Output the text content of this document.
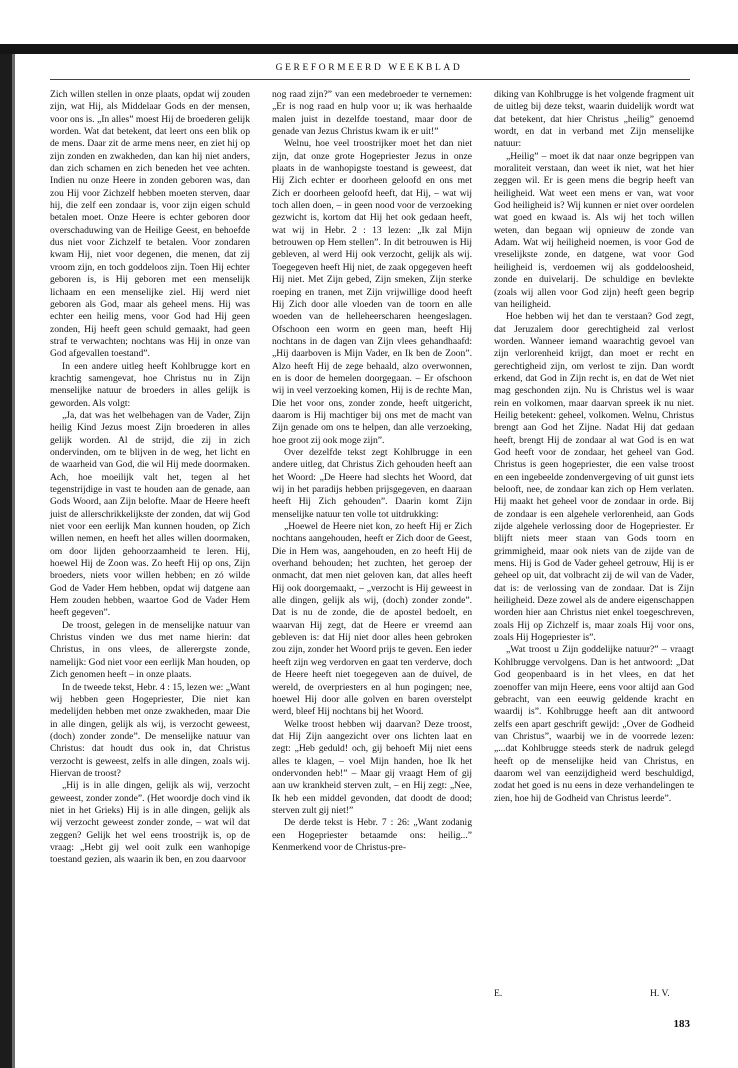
GEREFORMEERD WEEKBLAD

Zich willen stellen in onze plaats, opdat wij zouden zijn, wat Hij, als Middelaar Gods en der mensen, voor ons is. „In alles” moest Hij de broederen gelijk worden. Wat dat betekent, dat leert ons een blik op de mens. Daar zit de arme mens neer, en ziet hij op zijn zonden en zwakheden, dan kan hij niet anders, dan zich schamen en zich beneden het vee achten. Indien nu onze Heere in zonden geboren was, dan zou Hij voor Zichzelf hebben moeten sterven, daar hij, die zelf een zondaar is, voor zijn eigen schuld betalen moet. Onze Heere is echter geboren door overschaduwing van de Heilige Geest, en behoefde dus niet voor Zichzelf te betalen. Voor zondaren kwam Hij, niet voor degenen, die menen, dat zij vroom zijn, en toch goddeloos zijn. Toen Hij echter geboren is, is Hij geboren met een menselijk lichaam en een menselijke ziel. Hij werd niet geboren als God, maar als geheel mens. Hij was echter een heilig mens, voor God had Hij geen zonden, Hij heeft geen schuld gemaakt, had geen straf te verwachten; nochtans was Hij in onze van God afgevallen toestand”.

In een andere uitleg heeft Kohlbrugge kort en krachtig samengevat, hoe Christus nu in Zijn menselijke natuur de broeders in alles gelijk is geworden. Als volgt:

„Ja, dat was het welbehagen van de Vader, Zijn heilig Kind Jezus moest Zijn broederen in alles gelijk worden. Al de strijd, die zij in zich ondervinden, om te blijven in de weg, het licht en de waarheid van God, die wil Hij mede doormaken. Ach, hoe moeilijk valt het, tegen al het tegenstrijdige in vast te houden aan de genade, aan Gods Woord, aan Zijn belofte. Maar de Heere heeft juist de allerschrikkelijkste der zonden, dat wij God niet voor een eerlijk Man kunnen houden, op Zich willen nemen, en heeft het alles willen doormaken, om door lijden gehoorzaamheid te leren. Hij, hoewel Hij de Zoon was. Zo heeft Hij op ons, Zijn broeders, niets voor willen hebben; en zó wilde God de Vader Hem hebben, opdat wij datgene aan Hem zouden hebben, waartoe God de Vader Hem heeft gegeven”.

De troost, gelegen in de menselijke natuur van Christus vinden we dus met name hierin: dat Christus, in ons vlees, de allerergste zonde, namelijk: God niet voor een eerlijk Man houden, op Zich genomen heeft – in onze plaats.

In de tweede tekst, Hebr. 4 : 15, lezen we: „Want wij hebben geen Hogepriester, Die niet kan medelijden hebben met onze zwakheden, maar Die in alle dingen, gelijk als wij, is verzocht geweest, (doch) zonder zonde”. De menselijke natuur van Christus: dat houdt dus ook in, dat Christus verzocht is geweest, zelfs in alle dingen, zoals wij. Hiervan de troost?

„Hij is in alle dingen, gelijk als wij, verzocht geweest, zonder zonde”. (Het woordje doch vind ik niet in het Grieks) Hij is in alle dingen, gelijk als wij verzocht geweest zonder zonde, – wat wil dat zeggen? Gelijk het wel eens troostrijk is, op de vraag: „Hebt gij wel ooit zulk een wanhopige toestand gezien, als waarin ik ben, en zou daarvoor

nog raad zijn?” van een medebroeder te vernemen: „Er is nog raad en hulp voor u; ik was herhaalde malen juist in dezelfde toestand, maar door de genade van Jezus Christus kwam ik er uit!”

Welnu, hoe veel troostrijker moet het dan niet zijn, dat onze grote Hogepriester Jezus in onze plaats in de wanhopigste toestand is geweest, dat Hij Zich echter er doorheen geloofd en ons met Zich er doorheen geloofd heeft, dat Hij, – wat wij toch allen doen, – in geen nood voor de verzoeking gezwicht is, kortom dat Hij het ook gedaan heeft, wat wij in Hebr. 2 : 13 lezen: „Ik zal Mijn betrouwen op Hem stellen”. In dit betrouwen is Hij gebleven, al werd Hij ook verzocht, gelijk als wij. Toegegeven heeft Hij niet, de zaak opgegeven heeft Hij niet. Met Zijn gebed, Zijn smeken, Zijn sterke roeping en tranen, met Zijn vrijwillige dood heeft Hij Zich door alle vloeden van de toorn en alle woeden van de helleheerscharen heengeslagen. Ofschoon een worm en geen man, heeft Hij nochtans in de dagen van Zijn vlees gehandhaafd: „Hij daarboven is Mijn Vader, en Ik ben de Zoon”. Alzo heeft Hij de zege behaald, alzo overwonnen, en is door de hemelen doorgegaan. – Er ofschoon wij in veel verzoeking komen, Hij is de rechte Man, Die het voor ons, zonder zonde, heeft uitgericht, daarom is Hij machtiger bij ons met de macht van Zijn genade om ons te helpen, dan alle verzoeking, hoe groot zij ook moge zijn”.

Over dezelfde tekst zegt Kohlbrugge in een andere uitleg, dat Christus Zich gehouden heeft aan het Woord: „De Heere had slechts het Woord, dat wij in het paradijs hebben prijsgegeven, en daaraan heeft Hij Zich gehouden”. Daarin komt Zijn menselijke natuur ten volle tot uitdrukking:

„Hoewel de Heere niet kon, zo heeft Hij er Zich nochtans aangehouden, heeft er Zich door de Geest, Die in Hem was, aangehouden, en zo heeft Hij de overhand behouden; het zuchten, het geroep der onmacht, dat men niet geloven kan, dat alles heeft Hij ook doorgemaakt, – „verzocht is Hij geweest in alle dingen, gelijk als wij, (doch) zonder zonde”. Dat is nu de zonde, die de apostel bedoelt, en waarvan Hij zegt, dat de Heere er vreemd aan gebleven is: dat Hij niet door alles heen gebroken zou zijn, zonder het Woord prijs te geven. Een ieder heeft zijn weg verdorven en gaat ten verderve, doch de Heere heeft niet toegegeven aan de duivel, de wereld, de overpriesters en al hun pogingen; nee, hoewel Hij door alle golven en baren overstelpt werd, bleef Hij nochtans bij het Woord.

Welke troost hebben wij daarvan? Deze troost, dat Hij Zijn aangezicht over ons lichten laat en zegt: „Heb geduld! och, gij behoeft Mij niet eens alles te klagen, – voel Mijn handen, hoe Ik het ondervonden heb!” – Maar gij vraagt Hem of gij aan uw krankheid sterven zult, – en Hij zegt: „Nee, Ik heb een middel gevonden, dat doodt de dood; sterven zult gij niet!”

De derde tekst is Hebr. 7 : 26: „Want zodanig een Hogepriester betaamde ons: heilig...” Kenmerkend voor de Christus-pre-

diking van Kohlbrugge is het volgende fragment uit de uitleg bij deze tekst, waarin duidelijk wordt wat dat betekent, dat hier Christus „heilig” genoemd wordt, en dat in verband met Zijn menselijke natuur:

„Heilig” – moet ik dat naar onze begrippen van moraliteit verstaan, dan weet ik niet, wat het hier zeggen wil. Er is geen mens die begrip heeft van heiligheid. Wat weet een mens er van, wat voor God heiligheid is? Wij kunnen er niet over oordelen wat goed en kwaad is. Als wij het toch willen weten, dan begaan wij opnieuw de zonde van Adam. Wat wij heiligheid noemen, is voor God de vreselijkste zonde, en datgene, wat voor God heiligheid is, verdoemen wij als goddeloosheid, zonde en duivelarij. De schuldige en bevlekte (zoals wij allen voor God zijn) heeft geen begrip van heiligheid.

Hoe hebben wij het dan te verstaan? God zegt, dat Jeruzalem door gerechtigheid zal verlost worden. Wanneer iemand waarachtig gevoel van zijn verlorenheid krijgt, dan moet er recht en gerechtigheid zijn, om verlost te zijn. Dan wordt erkend, dat God in Zijn recht is, en dat de Wet niet mag geschonden zijn. Nu is Christus wel is waar rein en volkomen, maar daarvan spreek ik nu niet. Heilig betekent: geheel, volkomen. Welnu, Christus brengt aan God het Zijne. Nadat Hij dat gedaan heeft, brengt Hij de zondaar al wat God is en wat God heeft voor de zondaar, het geheel van God. Christus is geen hogepriester, die een valse troost en een ingebeelde zondenvergeving of uit gunst iets belooft, nee, de zondaar kan zich op Hem verlaten. Hij maakt het geheel voor de zondaar in orde. Bij de zondaar is een algehele verlorenheid, aan Gods zijde algehele verlossing door de Hogepriester. Er blijft niets meer staan van Gods toorn en grimmigheid, maar ook niets van de zijde van de mens. Hij is God de Vader geheel getrouw, Hij is er geheel op uit, dat volbracht zij de wil van de Vader, dat is: de verlossing van de zondaar. Dat is Zijn heiligheid. Deze zowel als de andere eigenschappen worden hier aan Christus niet enkel toegeschreven, zoals Hij op Zichzelf is, maar zoals Hij voor ons, zoals Hij Hogepriester is”.

„Wat troost u Zijn goddelijke natuur?” – vraagt Kohlbrugge vervolgens. Dan is het antwoord: „Dat God geopenbaard is in het vlees, en dat het zoenoffer van mijn Heere, eens voor altijd aan God gebracht, van een eeuwig geldende kracht en waardij is”. Kohlbrugge heeft aan dit antwoord zelfs een apart geschrift gewijd: „Over de Godheid van Christus”, waarbij we in de voorrede lezen: „...dat Kohlbrugge steeds sterk de nadruk gelegd heeft op de menselijke heid van Christus, en daarom wel van eenzijdigheid werd beschuldigd, zodat het goed is nu eens in deze verhandelingen te zien, hoe hij de Godheid van Christus leerde”.

E.	H. V.
183
